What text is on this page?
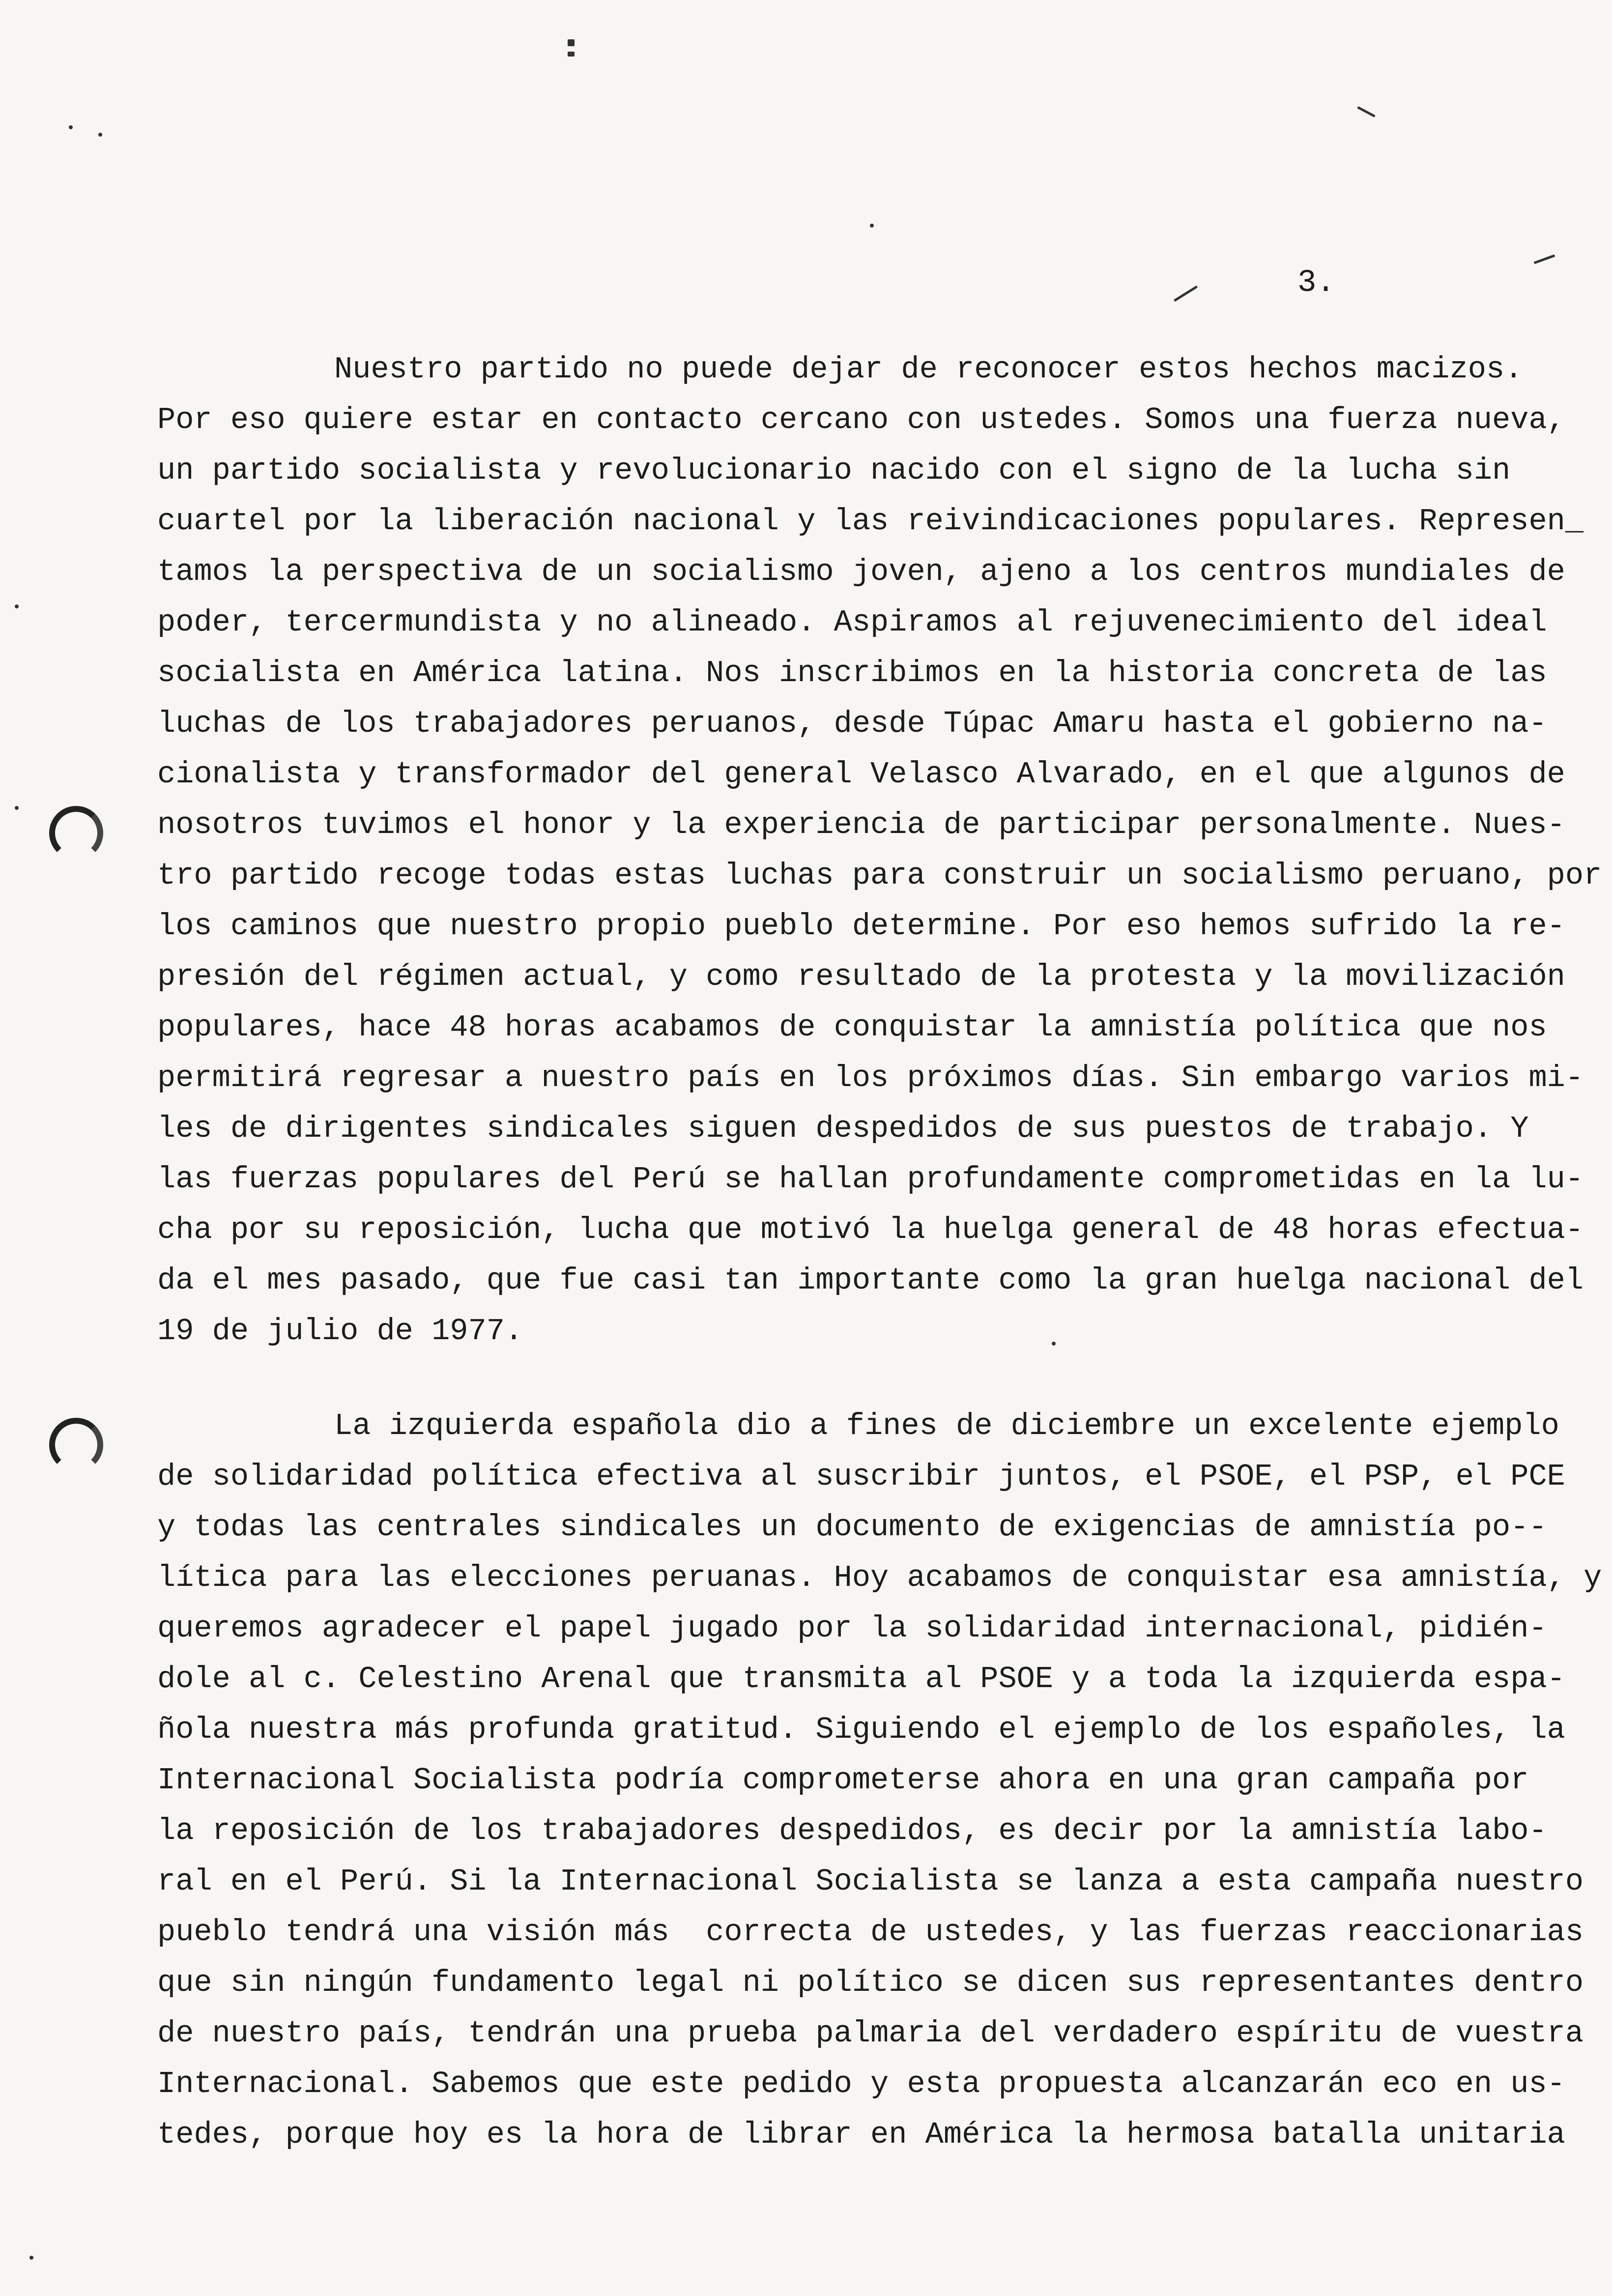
3.
Nuestro partido no puede dejar de reconocer estos hechos macizos.
Por eso quiere estar en contacto cercano con ustedes. Somos una fuerza nueva,
un partido socialista y revolucionario nacido con el signo de la lucha sin
cuartel por la liberación nacional y las reivindicaciones populares. Represen_
tamos la perspectiva de un socialismo joven, ajeno a los centros mundiales de
poder, tercermundista y no alineado. Aspiramos al rejuvenecimiento del ideal
socialista en América latina. Nos inscribimos en la historia concreta de las
luchas de los trabajadores peruanos, desde Túpac Amaru hasta el gobierno na-
cionalista y transformador del general Velasco Alvarado, en el que algunos de
nosotros tuvimos el honor y la experiencia de participar personalmente. Nues-
tro partido recoge todas estas luchas para construir un socialismo peruano, por
los caminos que nuestro propio pueblo determine. Por eso hemos sufrido la re-
presión del régimen actual, y como resultado de la protesta y la movilización
populares, hace 48 horas acabamos de conquistar la amnistía política que nos
permitirá regresar a nuestro país en los próximos días. Sin embargo varios mi-
les de dirigentes sindicales siguen despedidos de sus puestos de trabajo. Y
las fuerzas populares del Perú se hallan profundamente comprometidas en la lu-
cha por su reposición, lucha que motivó la huelga general de 48 horas efectua-
da el mes pasado, que fue casi tan importante como la gran huelga nacional del
19 de julio de 1977.
La izquierda española dio a fines de diciembre un excelente ejemplo
de solidaridad política efectiva al suscribir juntos, el PSOE, el PSP, el PCE
y todas las centrales sindicales un documento de exigencias de amnistía po--
lítica para las elecciones peruanas. Hoy acabamos de conquistar esa amnistía, y
queremos agradecer el papel jugado por la solidaridad internacional, pidién-
dole al c. Celestino Arenal que transmita al PSOE y a toda la izquierda espa-
ñola nuestra más profunda gratitud. Siguiendo el ejemplo de los españoles, la
Internacional Socialista podría comprometerse ahora en una gran campaña por
la reposición de los trabajadores despedidos, es decir por la amnistía labo-
ral en el Perú. Si la Internacional Socialista se lanza a esta campaña nuestro
pueblo tendrá una visión más  correcta de ustedes, y las fuerzas reaccionarias
que sin ningún fundamento legal ni político se dicen sus representantes dentro
de nuestro país, tendrán una prueba palmaria del verdadero espíritu de vuestra
Internacional. Sabemos que este pedido y esta propuesta alcanzarán eco en us-
tedes, porque hoy es la hora de librar en América la hermosa batalla unitaria
